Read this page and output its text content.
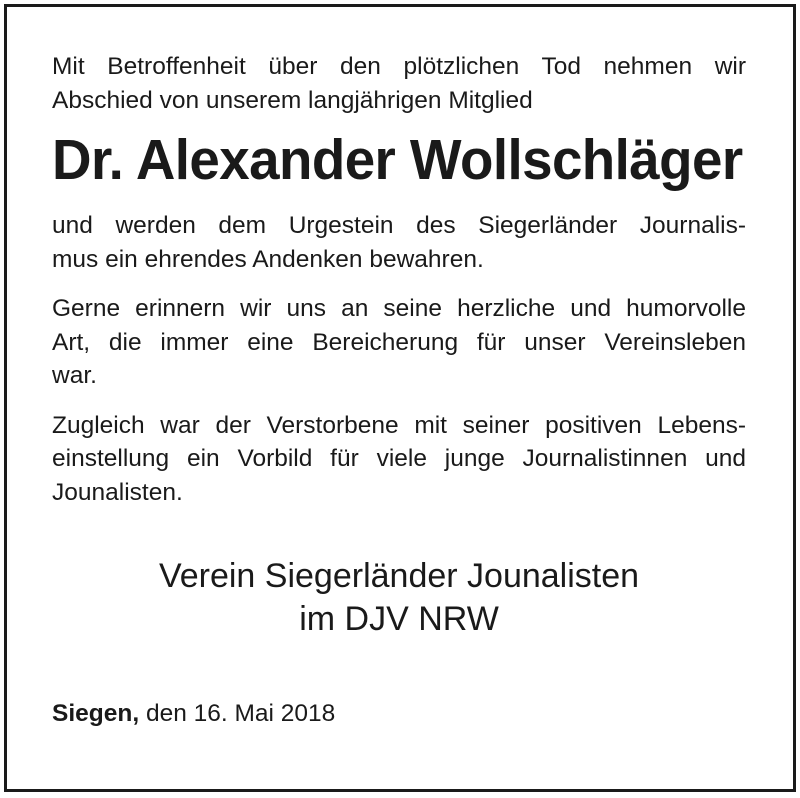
Mit Betroffenheit über den plötzlichen Tod nehmen wir
Abschied von unserem langjährigen Mitglied

Dr. Alexander Wollschläger

und werden dem Urgestein des Siegerländer Journalis-
mus ein ehrendes Andenken bewahren.

Gerne erinnern wir uns an seine herzliche und humorvolle
Art, die immer eine Bereicherung für unser Vereinsleben
war.

Zugleich war der Verstorbene mit seiner positiven Lebens-
einstellung ein Vorbild für viele junge Journalistinnen und
Jounalisten.

Verein Siegerländer Jounalisten
im DJV NRW
Siegen, den 16. Mai 2018
